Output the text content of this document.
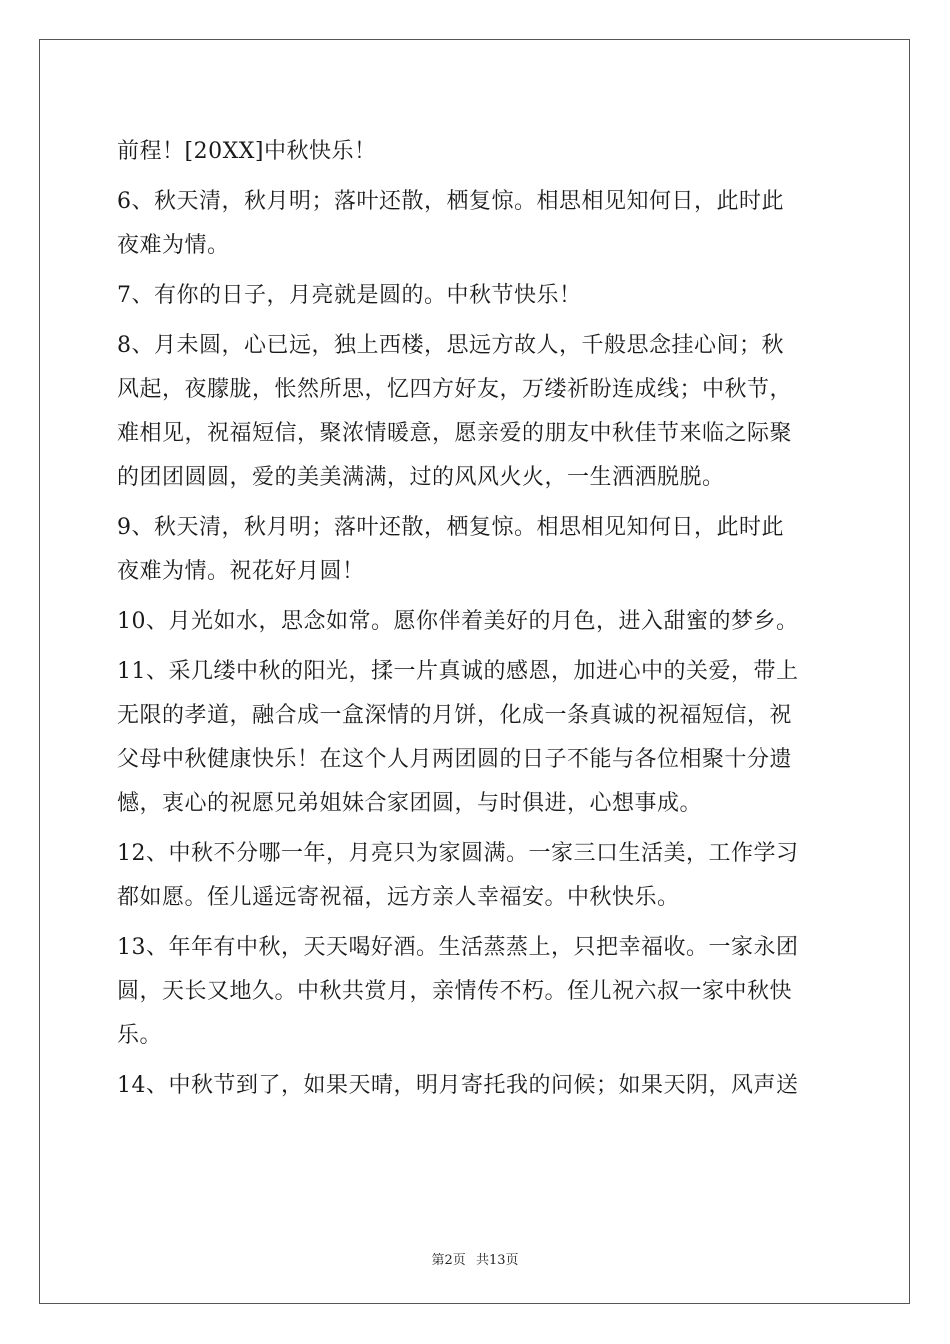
前程！[20XX]中秋快乐！
6、秋天清，秋月明；落叶还散，栖复惊。相思相见知何日，此时此
夜难为情。
7、有你的日子，月亮就是圆的。中秋节快乐！
8、月未圆，心已远，独上西楼，思远方故人，千般思念挂心间；秋
风起，夜朦胧，怅然所思，忆四方好友，万缕祈盼连成线；中秋节，
难相见，祝福短信，聚浓情暖意，愿亲爱的朋友中秋佳节来临之际聚
的团团圆圆，爱的美美满满，过的风风火火，一生洒洒脱脱。
9、秋天清，秋月明；落叶还散，栖复惊。相思相见知何日，此时此
夜难为情。祝花好月圆！
10、月光如水，思念如常。愿你伴着美好的月色，进入甜蜜的梦乡。
11、采几缕中秋的阳光，揉一片真诚的感恩，加进心中的关爱，带上
无限的孝道，融合成一盒深情的月饼，化成一条真诚的祝福短信，祝
父母中秋健康快乐！在这个人月两团圆的日子不能与各位相聚十分遗
憾，衷心的祝愿兄弟姐妹合家团圆，与时俱进，心想事成。
12、中秋不分哪一年，月亮只为家圆满。一家三口生活美，工作学习
都如愿。侄儿遥远寄祝福，远方亲人幸福安。中秋快乐。
13、年年有中秋，天天喝好酒。生活蒸蒸上，只把幸福收。一家永团
圆，天长又地久。中秋共赏月，亲情传不朽。侄儿祝六叔一家中秋快
乐。
14、中秋节到了，如果天晴，明月寄托我的问候；如果天阴，风声送
第2页 共13页
